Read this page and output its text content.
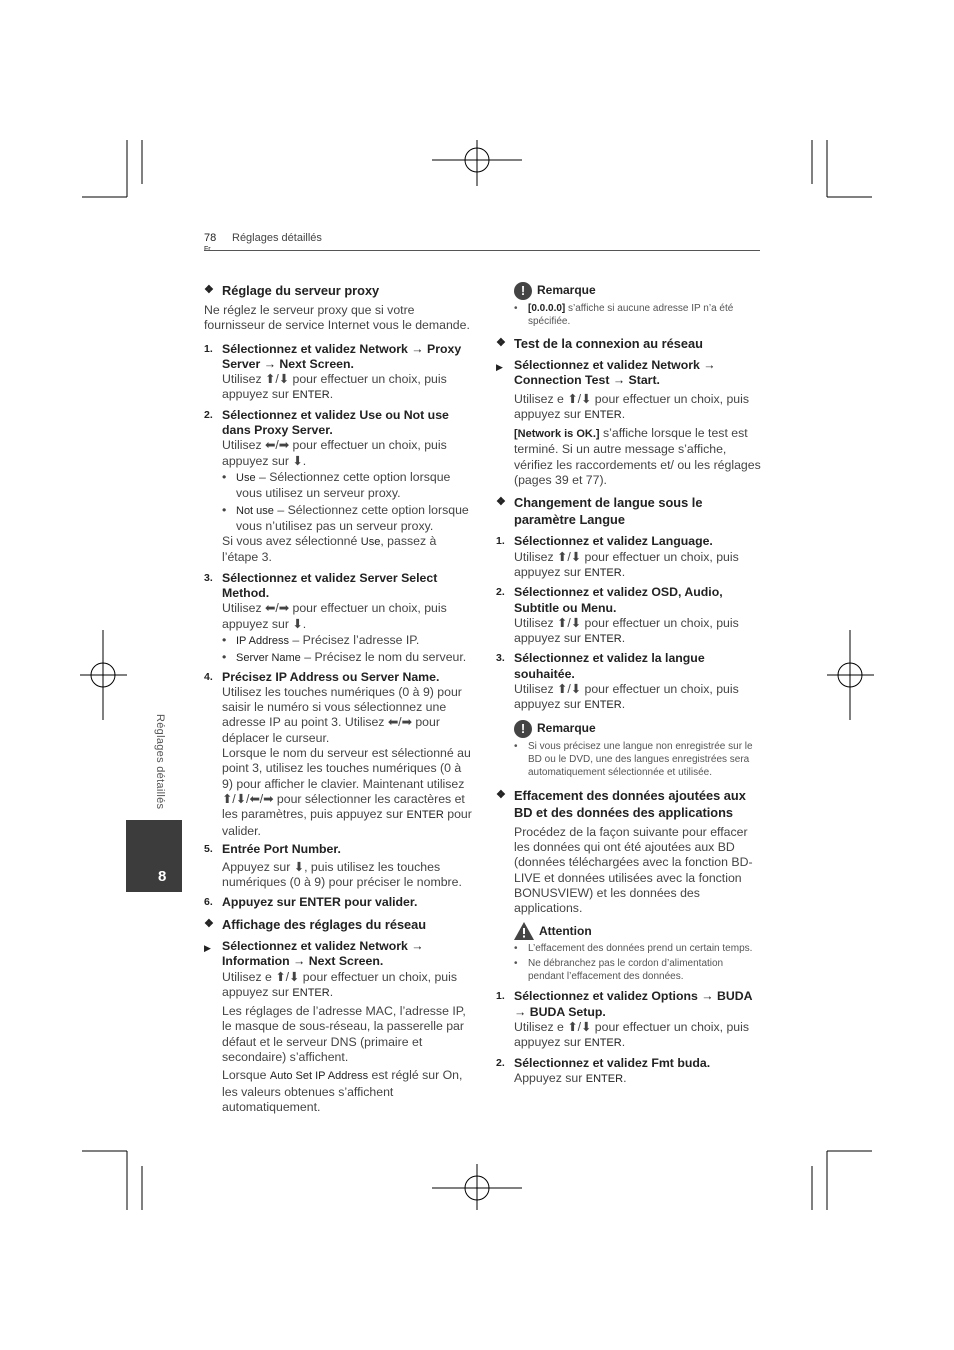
78 Réglages détaillés
Réglages détaillés
8
❖ Réglage du serveur proxy

Ne réglez le serveur proxy que si votre fournisseur de service Internet vous le demande.

1. Sélectionnez et validez Network → Proxy Server → Next Screen.
Utilisez ⬆/⬇ pour effectuer un choix, puis appuyez sur ENTER.
2. Sélectionnez et validez Use ou Not use dans Proxy Server.
Utilisez ⬅/➡ pour effectuer un choix, puis appuyez sur ⬇.
• Use – Sélectionnez cette option lorsque vous utilisez un serveur proxy.
• Not use – Sélectionnez cette option lorsque vous n’utilisez pas un serveur proxy.
Si vous avez sélectionné Use, passez à l’étape 3.
3. Sélectionnez et validez Server Select Method.
Utilisez ⬅/➡ pour effectuer un choix, puis appuyez sur ⬇.
• IP Address – Précisez l’adresse IP.
• Server Name – Précisez le nom du serveur.
4. Précisez IP Address ou Server Name.
Utilisez les touches numériques (0 à 9) pour saisir le numéro si vous sélectionnez une adresse IP au point 3. Utilisez ⬅/➡ pour déplacer le curseur.
Lorsque le nom du serveur est sélectionné au point 3, utilisez les touches numériques (0 à 9) pour afficher le clavier. Maintenant utilisez ⬆/⬇/⬅/➡ pour sélectionner les caractères et les paramètres, puis appuyez sur ENTER pour valider.
5. Entrée Port Number.
Appuyez sur ⬇, puis utilisez les touches numériques (0 à 9) pour préciser le nombre.
6. Appuyez sur ENTER pour valider.
❖ Affichage des réglages du réseau
▶ Sélectionnez et validez Network → Information → Next Screen.
Utilisez e ⬆/⬇ pour effectuer un choix, puis appuyez sur ENTER.
Les réglages de l’adresse MAC, l’adresse IP, le masque de sous-réseau, la passerelle par défaut et le serveur DNS (primaire et secondaire) s’affichent.
Lorsque Auto Set IP Address est réglé sur On, les valeurs obtenues s’affichent automatiquement.
! Remarque
•	[0.0.0.0] s’affiche si aucune adresse IP n’a été spécifiée.
❖ Test de la connexion au réseau
▶ Sélectionnez et validez Network → Connection Test → Start.
Utilisez e ⬆/⬇ pour effectuer un choix, puis appuyez sur ENTER.
[Network is OK.] s’affiche lorsque le test est terminé. Si un autre message s’affiche, vérifiez les raccordements et/ ou les réglages (pages 39 et 77).
❖ Changement de langue sous le paramètre Langue
1. Sélectionnez et validez Language.
Utilisez ⬆/⬇ pour effectuer un choix, puis appuyez sur ENTER.
2. Sélectionnez et validez OSD, Audio, Subtitle ou Menu.
Utilisez ⬆/⬇ pour effectuer un choix, puis appuyez sur ENTER.
3. Sélectionnez et validez la langue souhaitée.
Utilisez ⬆/⬇ pour effectuer un choix, puis appuyez sur ENTER.
! Remarque
•	Si vous précisez une langue non enregistrée sur le BD ou le DVD, une des langues enregistrées sera automatiquement sélectionnée et utilisée.
❖ Effacement des données ajoutées aux BD et des données des applications

Procédez de la façon suivante pour effacer les données qui ont été ajoutées aux BD (données téléchargées avec la fonction BD-LIVE et données utilisées avec la fonction BONUSVIEW) et les données des applications.

Attention
•	L’effacement des données prend un certain temps.
•	Ne débranchez pas le cordon d’alimentation pendant l’effacement des données.
1. Sélectionnez et validez Options → BUDA → BUDA Setup.
Utilisez e ⬆/⬇ pour effectuer un choix, puis appuyez sur ENTER.
2. Sélectionnez et validez Fmt buda.
Appuyez sur ENTER.
